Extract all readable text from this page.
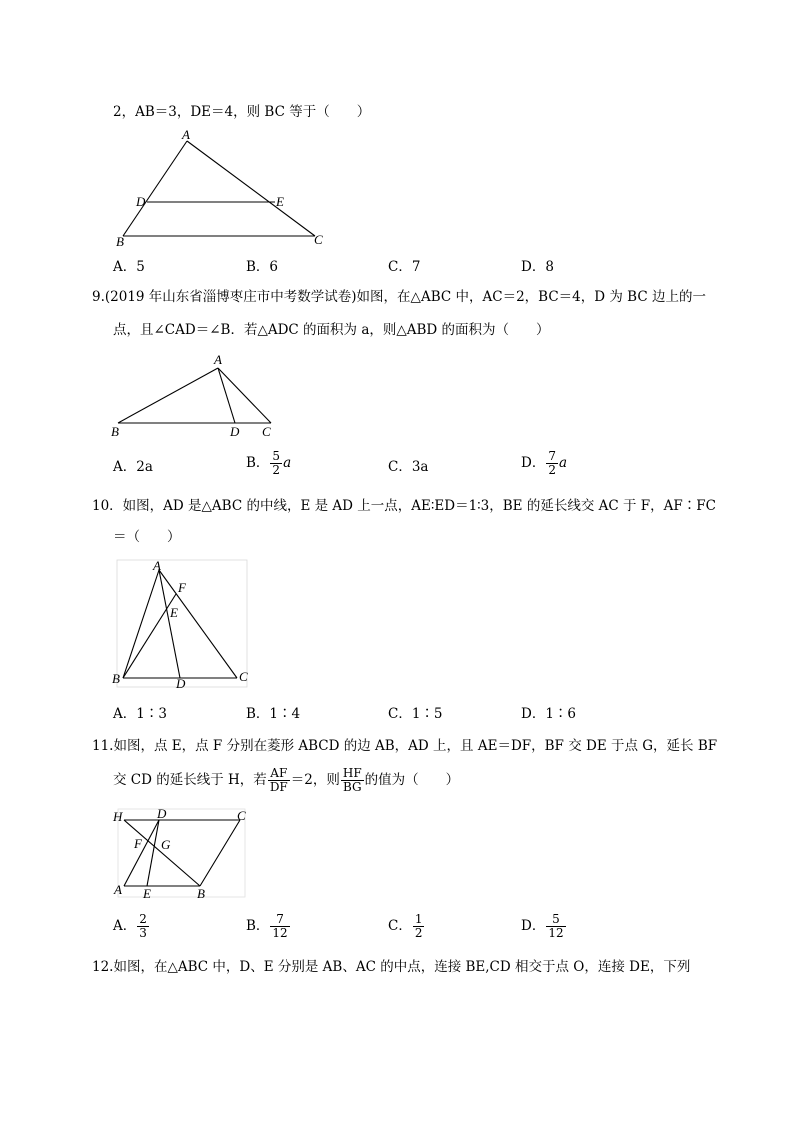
2，AB＝3，DE＝4，则 BC 等于（　　）
A
D	E
B	C
A．5	B．6	C．7	D．8
9.(2019 年山东省淄博枣庄市中考数学试卷)如图，在△ABC 中，AC＝2，BC＝4，D 为 BC 边上的一
点，且∠CAD＝∠B．若△ADC 的面积为 a，则△ABD 的面积为（　　）
A
B	D C
A．2a	B． $\frac{5}{2}$ a	C．3a	D． $\frac{7}{2}$ a
10．如图，AD 是△ABC 的中线，E 是 AD 上一点，AE∶ED＝1∶3，BE 的延长线交 AC 于 F，AF∶FC
＝（　　）
A
F
E
B	D	C
A．1∶3	B．1∶4	C．1∶5	D．1∶6
11.如图，点 E，点 F 分别在菱形 ABCD 的边 AB，AD 上，且 AE＝DF，BF 交 DE 于点 G，延长 BF
交 CD 的延长线于 H，若 $\frac{AF}{DF} =2$，则 $\frac{HF}{BG}$ 的值为（　　）
H	D	C
F G
A E	B
A． $\frac{2}{3}$	B． $\frac{7}{12}$	C． $\frac{1}{2}$	D． $\frac{5}{12}$
12.如图，在△ABC 中，D、E 分别是 AB、AC 的中点，连接 BE,CD 相交于点 O，连接 DE，下列
